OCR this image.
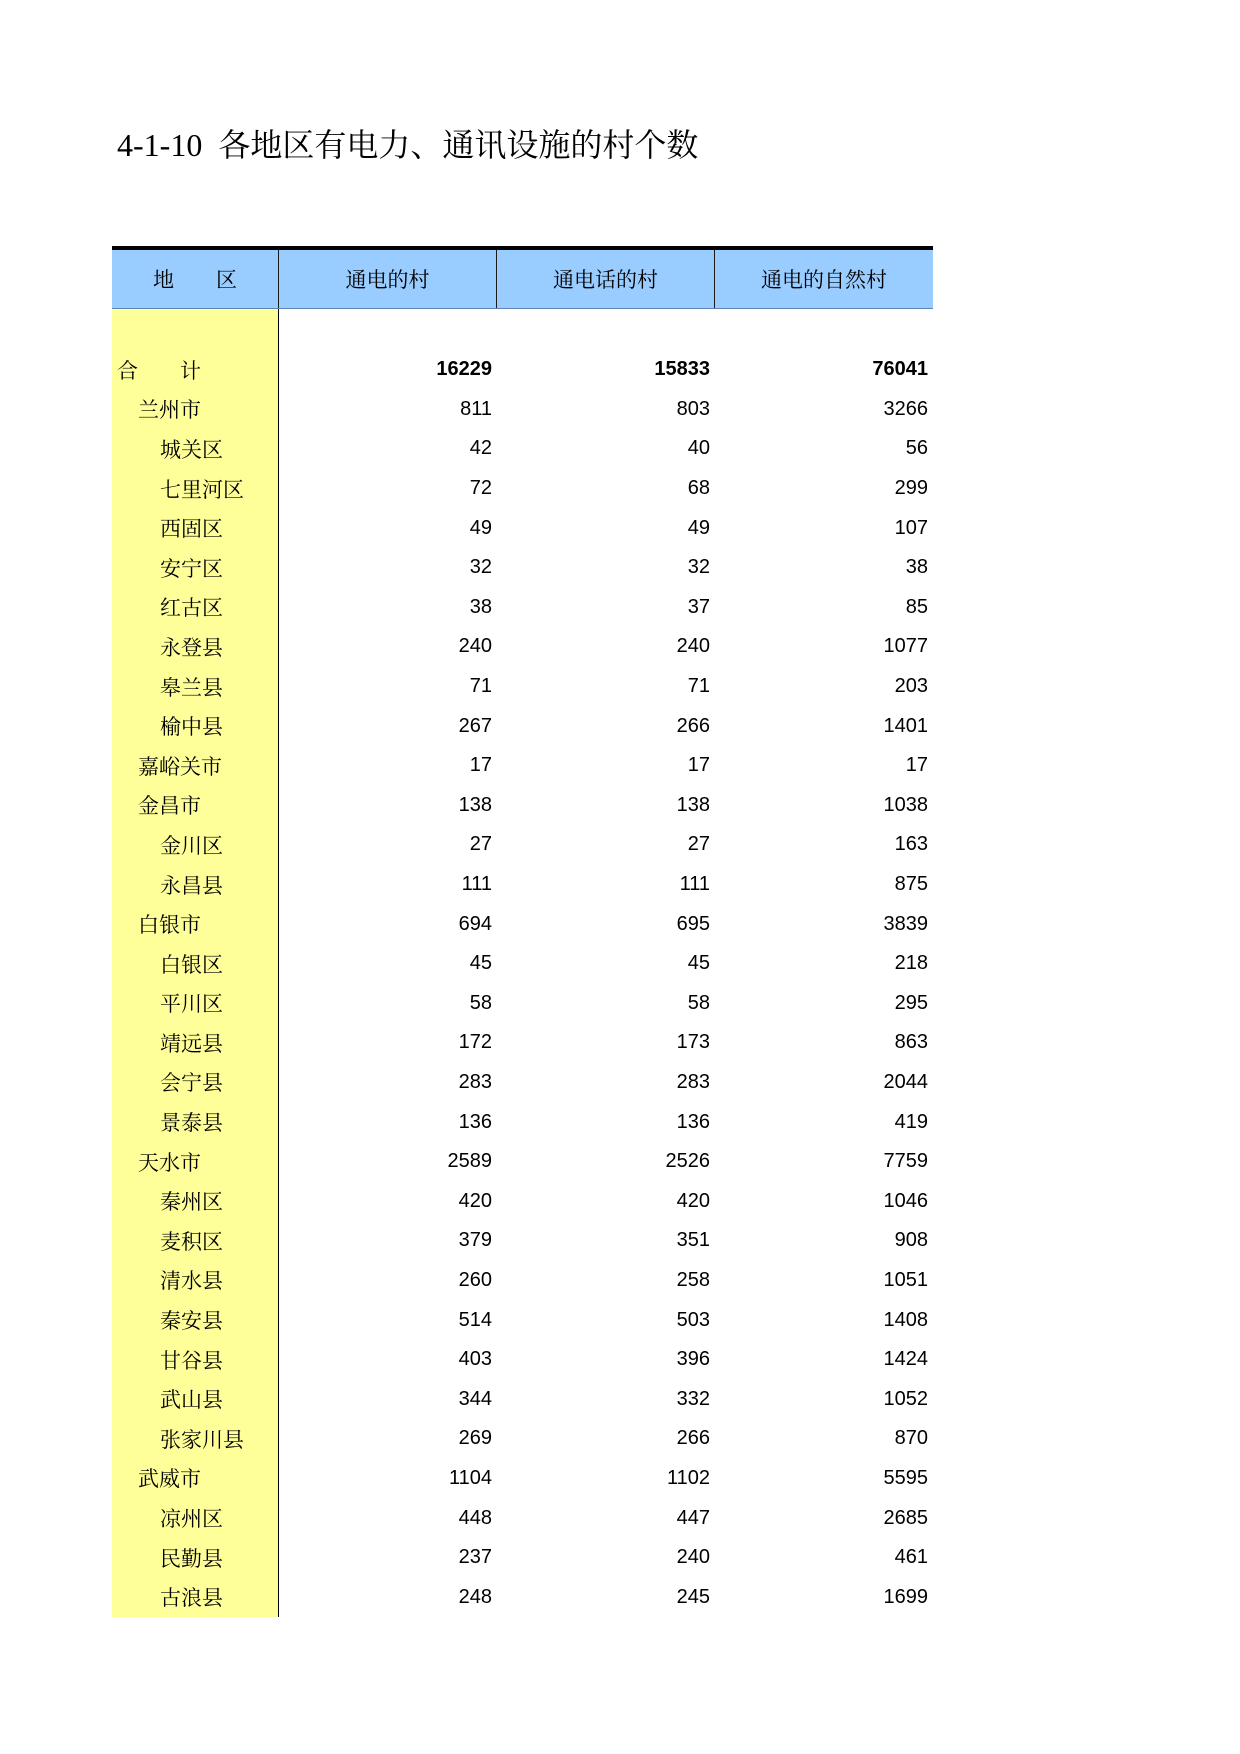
4-1-10  各地区有电力、通讯设施的村个数
地　　区	通电的村	通电话的村	通电的自然村
合　　计	16229	15833	76041
兰州市	811	803	3266
城关区	42	40	56
七里河区	72	68	299
西固区	49	49	107
安宁区	32	32	38
红古区	38	37	85
永登县	240	240	1077
皋兰县	71	71	203
榆中县	267	266	1401
嘉峪关市	17	17	17
金昌市	138	138	1038
金川区	27	27	163
永昌县	111	111	875
白银市	694	695	3839
白银区	45	45	218
平川区	58	58	295
靖远县	172	173	863
会宁县	283	283	2044
景泰县	136	136	419
天水市	2589	2526	7759
秦州区	420	420	1046
麦积区	379	351	908
清水县	260	258	1051
秦安县	514	503	1408
甘谷县	403	396	1424
武山县	344	332	1052
张家川县	269	266	870
武威市	1104	1102	5595
凉州区	448	447	2685
民勤县	237	240	461
古浪县	248	245	1699
